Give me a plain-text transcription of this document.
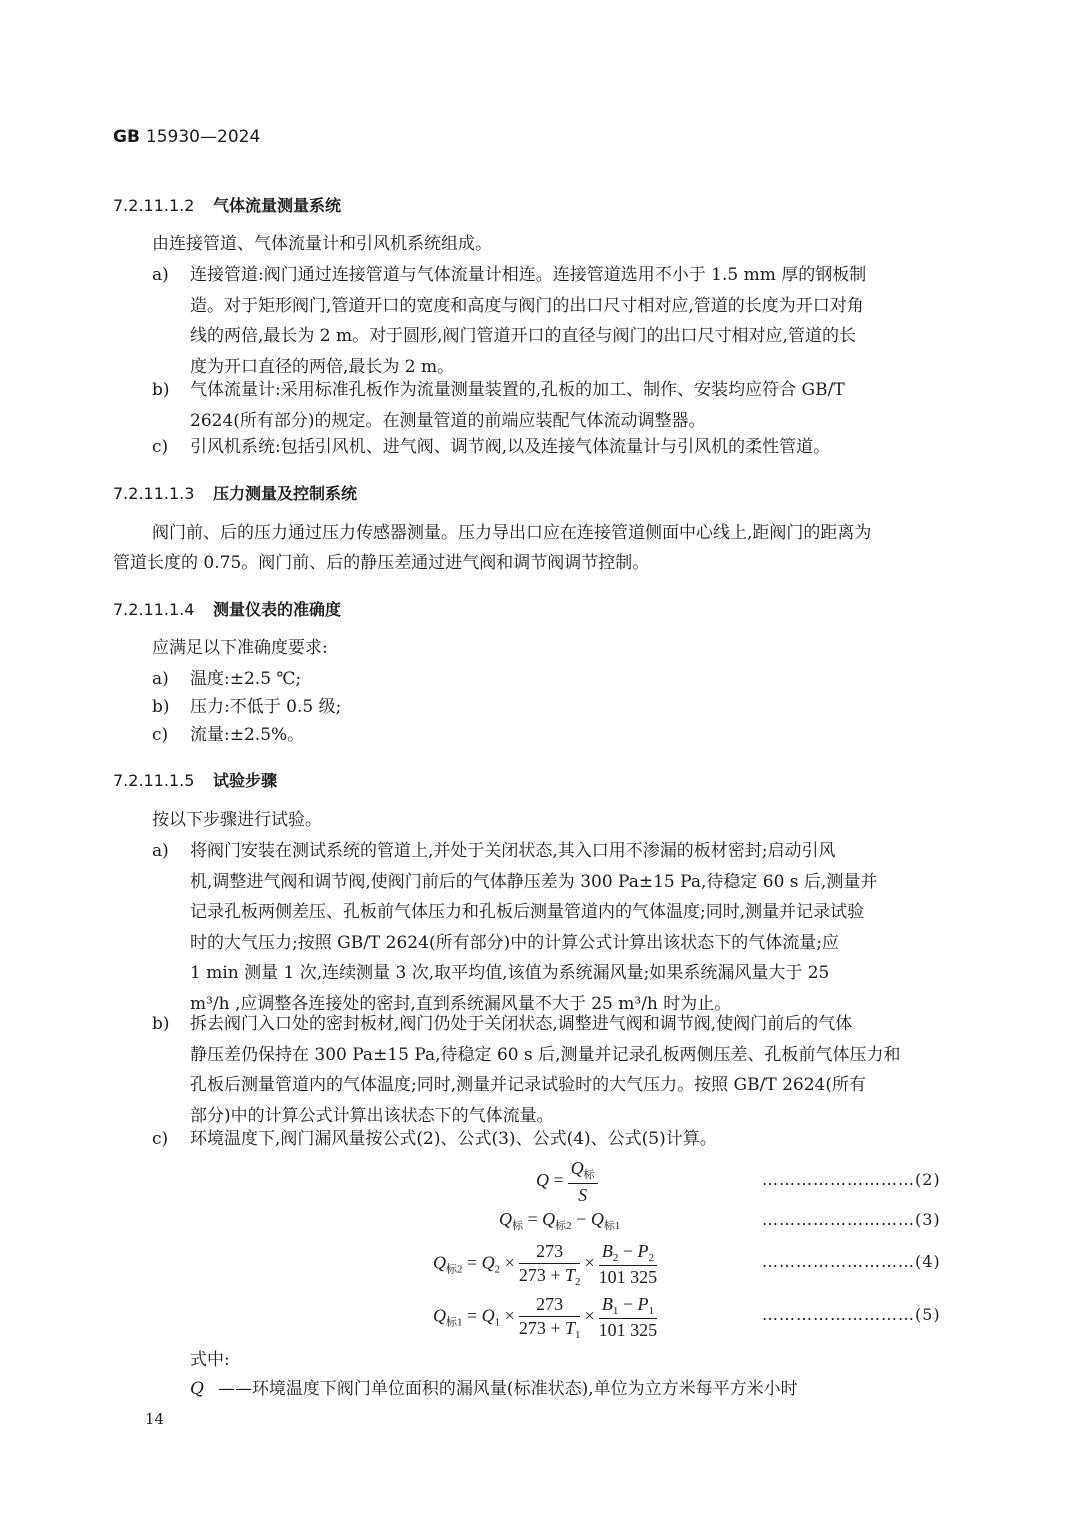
GB 15930—2024
7.2.11.1.2 气体流量测量系统
由连接管道、气体流量计和引风机系统组成。
a) 连接管道:阀门通过连接管道与气体流量计相连。连接管道选用不小于 1.5 mm 厚的钢板制
造。对于矩形阀门,管道开口的宽度和高度与阀门的出口尺寸相对应,管道的长度为开口对角
线的两倍,最长为 2 m。对于圆形,阀门管道开口的直径与阀门的出口尺寸相对应,管道的长
度为开口直径的两倍,最长为 2 m。
b) 气体流量计:采用标准孔板作为流量测量装置的,孔板的加工、制作、安装均应符合 GB/T
2624(所有部分)的规定。在测量管道的前端应装配气体流动调整器。
c) 引风机系统:包括引风机、进气阀、调节阀,以及连接气体流量计与引风机的柔性管道。
7.2.11.1.3 压力测量及控制系统
阀门前、后的压力通过压力传感器测量。压力导出口应在连接管道侧面中心线上,距阀门的距离为
管道长度的 0.75。阀门前、后的静压差通过进气阀和调节阀调节控制。
7.2.11.1.4 测量仪表的准确度
应满足以下准确度要求:
a) 温度:±2.5 ℃;
b) 压力:不低于 0.5 级;
c) 流量:±2.5%。
7.2.11.1.5 试验步骤
按以下步骤进行试验。
a) 将阀门安装在测试系统的管道上,并处于关闭状态,其入口用不渗漏的板材密封;启动引风
机,调整进气阀和调节阀,使阀门前后的气体静压差为 300 Pa±15 Pa,待稳定 60 s 后,测量并
记录孔板两侧差压、孔板前气体压力和孔板后测量管道内的气体温度;同时,测量并记录试验
时的大气压力;按照 GB/T 2624(所有部分)中的计算公式计算出该状态下的气体流量;应
1 min 测量 1 次,连续测量 3 次,取平均值,该值为系统漏风量;如果系统漏风量大于 25
m³/h ,应调整各连接处的密封,直到系统漏风量不大于 25 m³/h 时为止。
b) 拆去阀门入口处的密封板材,阀门仍处于关闭状态,调整进气阀和调节阀,使阀门前后的气体
静压差仍保持在 300 Pa±15 Pa,待稳定 60 s 后,测量并记录孔板两侧压差、孔板前气体压力和
孔板后测量管道内的气体温度;同时,测量并记录试验时的大气压力。按照 GB/T 2624(所有
部分)中的计算公式计算出该状态下的气体流量。
c) 环境温度下,阀门漏风量按公式(2)、公式(3)、公式(4)、公式(5)计算。
$Q = \frac{Q_标}{S}$	………………………(2)
$Q_标 = Q_{标2} - Q_{标1}$	………………………(3)
$Q_{标2} = Q_2 \times \frac{273}{273 + T_2} \times \frac{B_2 - P_2}{101 325}$	………………………(4)
$Q_{标1} = Q_1 \times \frac{273}{273 + T_1} \times \frac{B_1 - P_1}{101 325}$	………………………(5)
式中:
Q ——环境温度下阀门单位面积的漏风量(标准状态),单位为立方米每平方米小时
14
